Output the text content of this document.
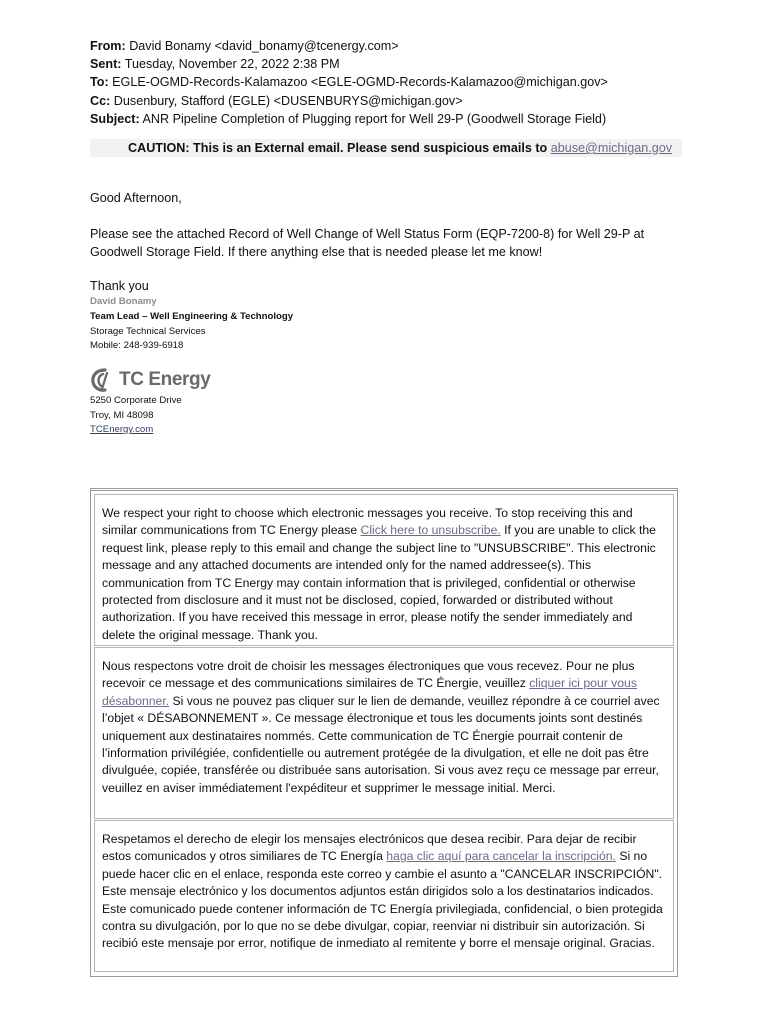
From: David Bonamy <david_bonamy@tcenergy.com>
Sent: Tuesday, November 22, 2022 2:38 PM
To: EGLE-OGMD-Records-Kalamazoo <EGLE-OGMD-Records-Kalamazoo@michigan.gov>
Cc: Dusenbury, Stafford (EGLE) <DUSENBURYS@michigan.gov>
Subject: ANR Pipeline Completion of Plugging report for Well 29-P (Goodwell Storage Field)
CAUTION: This is an External email. Please send suspicious emails to abuse@michigan.gov
Good Afternoon,
Please see the attached Record of Well Change of Well Status Form (EQP-7200-8) for Well 29-P at
Goodwell Storage Field. If there anything else that is needed please let me know!
Thank you
David Bonamy
Team Lead – Well Engineering & Technology
Storage Technical Services
Mobile: 248-939-6918
TC Energy
5250 Corporate Drive
Troy, MI 48098
TCEnergy.com

We respect your right to choose which electronic messages you receive. To stop receiving this and similar communications from TC Energy please Click here to unsubscribe. If you are unable to click the request link, please reply to this email and change the subject line to "UNSUBSCRIBE". This electronic message and any attached documents are intended only for the named addressee(s). This communication from TC Energy may contain information that is privileged, confidential or otherwise protected from disclosure and it must not be disclosed, copied, forwarded or distributed without authorization. If you have received this message in error, please notify the sender immediately and delete the original message. Thank you.

Nous respectons votre droit de choisir les messages électroniques que vous recevez. Pour ne plus recevoir ce message et des communications similaires de TC Énergie, veuillez cliquer ici pour vous désabonner. Si vous ne pouvez pas cliquer sur le lien de demande, veuillez répondre à ce courriel avec l’objet « DÉSABONNEMENT ». Ce message électronique et tous les documents joints sont destinés uniquement aux destinataires nommés. Cette communication de TC Énergie pourrait contenir de l’information privilégiée, confidentielle ou autrement protégée de la divulgation, et elle ne doit pas être divulguée, copiée, transférée ou distribuée sans autorisation. Si vous avez reçu ce message par erreur, veuillez en aviser immédiatement l'expéditeur et supprimer le message initial. Merci.

Respetamos el derecho de elegir los mensajes electrónicos que desea recibir. Para dejar de recibir estos comunicados y otros similiares de TC Energía haga clic aquí para cancelar la inscripción. Si no puede hacer clic en el enlace, responda este correo y cambie el asunto a "CANCELAR INSCRIPCIÓN". Este mensaje electrónico y los documentos adjuntos están dirigidos solo a los destinatarios indicados. Este comunicado puede contener información de TC Energía privilegiada, confidencial, o bien protegida contra su divulgación, por lo que no se debe divulgar, copiar, reenviar ni distribuir sin autorización. Si recibió este mensaje por error, notifique de inmediato al remitente y borre el mensaje original. Gracias.
